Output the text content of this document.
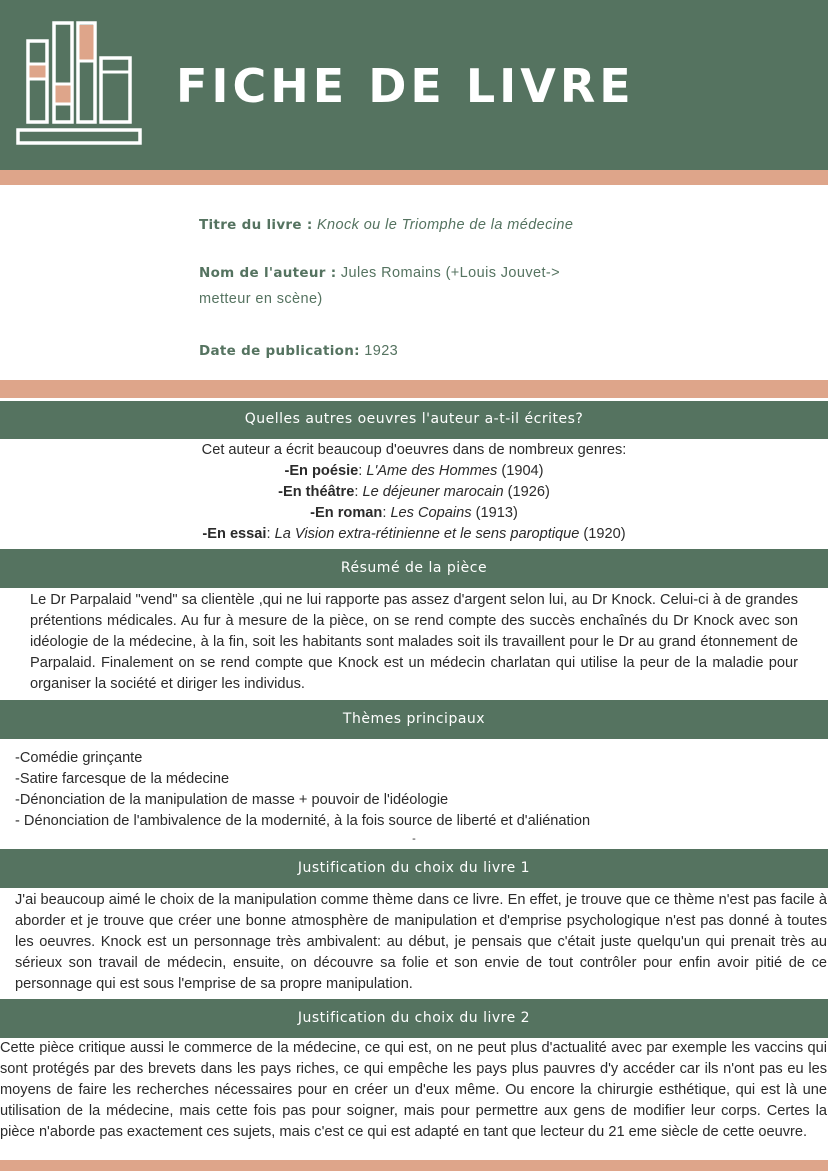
FICHE DE LIVRE
Titre du livre : Knock ou le Triomphe de la médecine
Nom de l'auteur : Jules Romains (+Louis Jouvet->
metteur en scène)
Date de publication: 1923
Quelles autres oeuvres l'auteur a-t-il écrites?
Cet auteur a écrit beaucoup d'oeuvres dans de nombreux genres:
-En poésie: L'Ame des Hommes (1904)
-En théâtre: Le déjeuner marocain (1926)
-En roman: Les Copains (1913)
-En essai: La Vision extra-rétinienne et le sens paroptique (1920)
Résumé de la pièce
Le Dr Parpalaid "vend" sa clientèle ,qui ne lui rapporte pas assez d'argent selon lui, au Dr Knock. Celui-ci à de grandes prétentions médicales. Au fur à mesure de la pièce, on se rend compte des succès enchaînés du Dr Knock avec son idéologie de la médecine, à la fin, soit les habitants sont malades soit ils travaillent pour le Dr au grand étonnement de Parpalaid. Finalement on se rend compte que Knock est un médecin charlatan qui utilise la peur de la maladie pour organiser la société et diriger les individus.
Thèmes principaux
-Comédie grinçante
-Satire farcesque de la médecine
-Dénonciation de la manipulation de masse + pouvoir de l'idéologie
- Dénonciation de l'ambivalence de la modernité, à la fois source de liberté et d'aliénation
-
Justification du choix du livre 1
J'ai beaucoup aimé le choix de la manipulation comme thème dans ce livre. En effet, je trouve que ce thème n'est pas facile à aborder et je trouve que créer une bonne atmosphère de manipulation et d'emprise psychologique n'est pas donné à toutes les oeuvres. Knock est un personnage très ambivalent: au début, je pensais que c'était juste quelqu'un qui prenait très au sérieux son travail de médecin, ensuite, on découvre sa folie et son envie de tout contrôler pour enfin avoir pitié de ce personnage qui est sous l'emprise de sa propre manipulation.
Justification du choix du livre 2
Cette pièce critique aussi le commerce de la médecine, ce qui est, on ne peut plus d'actualité avec par exemple les vaccins qui sont protégés par des brevets dans les pays riches, ce qui empêche les pays plus pauvres d'y accéder car ils n'ont pas eu les moyens de faire les recherches nécessaires pour en créer un d'eux même. Ou encore la chirurgie esthétique, qui est là une utilisation de la médecine, mais cette fois pas pour soigner, mais pour permettre aux gens de modifier leur corps. Certes la pièce n'aborde pas exactement ces sujets, mais c'est ce qui est adapté en tant que lecteur du 21 eme siècle de cette oeuvre.
